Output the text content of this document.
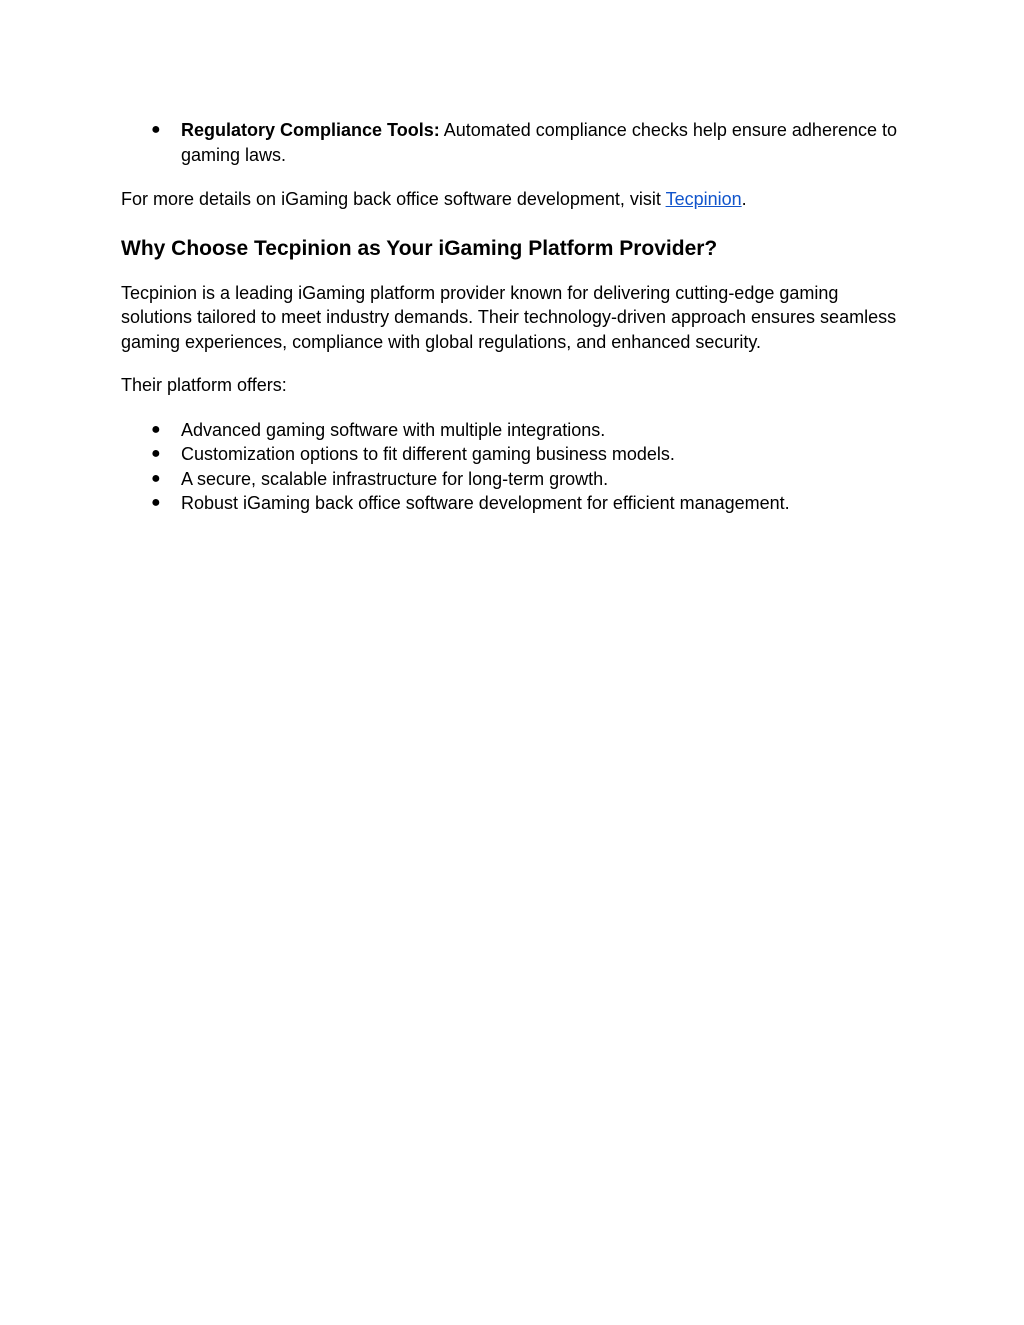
● Regulatory Compliance Tools: Automated compliance checks help ensure adherence to gaming laws.

For more details on iGaming back office software development, visit Tecpinion.

Why Choose Tecpinion as Your iGaming Platform Provider?

Tecpinion is a leading iGaming platform provider known for delivering cutting-edge gaming solutions tailored to meet industry demands. Their technology-driven approach ensures seamless gaming experiences, compliance with global regulations, and enhanced security.

Their platform offers:

● Advanced gaming software with multiple integrations.
● Customization options to fit different gaming business models.
● A secure, scalable infrastructure for long-term growth.
● Robust iGaming back office software development for efficient management.
